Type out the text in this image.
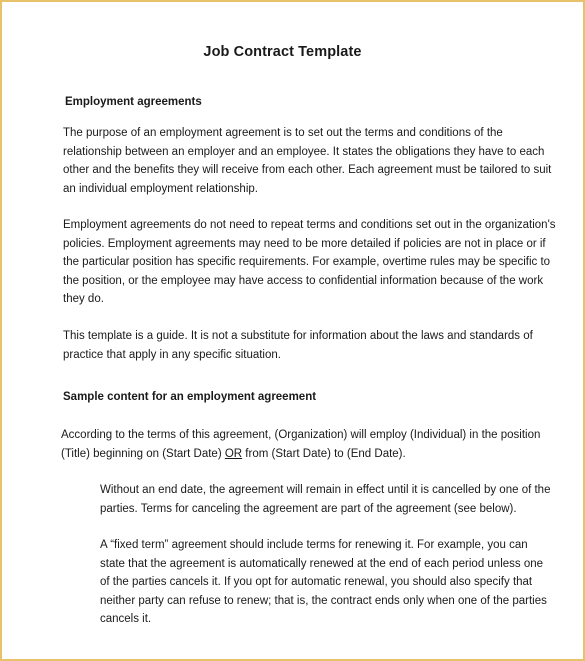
Job Contract Template
Employment agreements
The purpose of an employment agreement is to set out the terms and conditions of the
relationship between an employer and an employee. It states the obligations they have to each
other and the benefits they will receive from each other. Each agreement must be tailored to suit
an individual employment relationship.
Employment agreements do not need to repeat terms and conditions set out in the organization's
policies. Employment agreements may need to be more detailed if policies are not in place or if
the particular position has specific requirements. For example, overtime rules may be specific to
the position, or the employee may have access to confidential information because of the work
they do.
This template is a guide. It is not a substitute for information about the laws and standards of
practice that apply in any specific situation.
Sample content for an employment agreement
According to the terms of this agreement, (Organization) will employ (Individual) in the position
(Title) beginning on (Start Date) OR from (Start Date) to (End Date).
Without an end date, the agreement will remain in effect until it is cancelled by one of the
parties. Terms for canceling the agreement are part of the agreement (see below).
A “fixed term” agreement should include terms for renewing it. For example, you can
state that the agreement is automatically renewed at the end of each period unless one
of the parties cancels it. If you opt for automatic renewal, you should also specify that
neither party can refuse to renew; that is, the contract ends only when one of the parties
cancels it.
